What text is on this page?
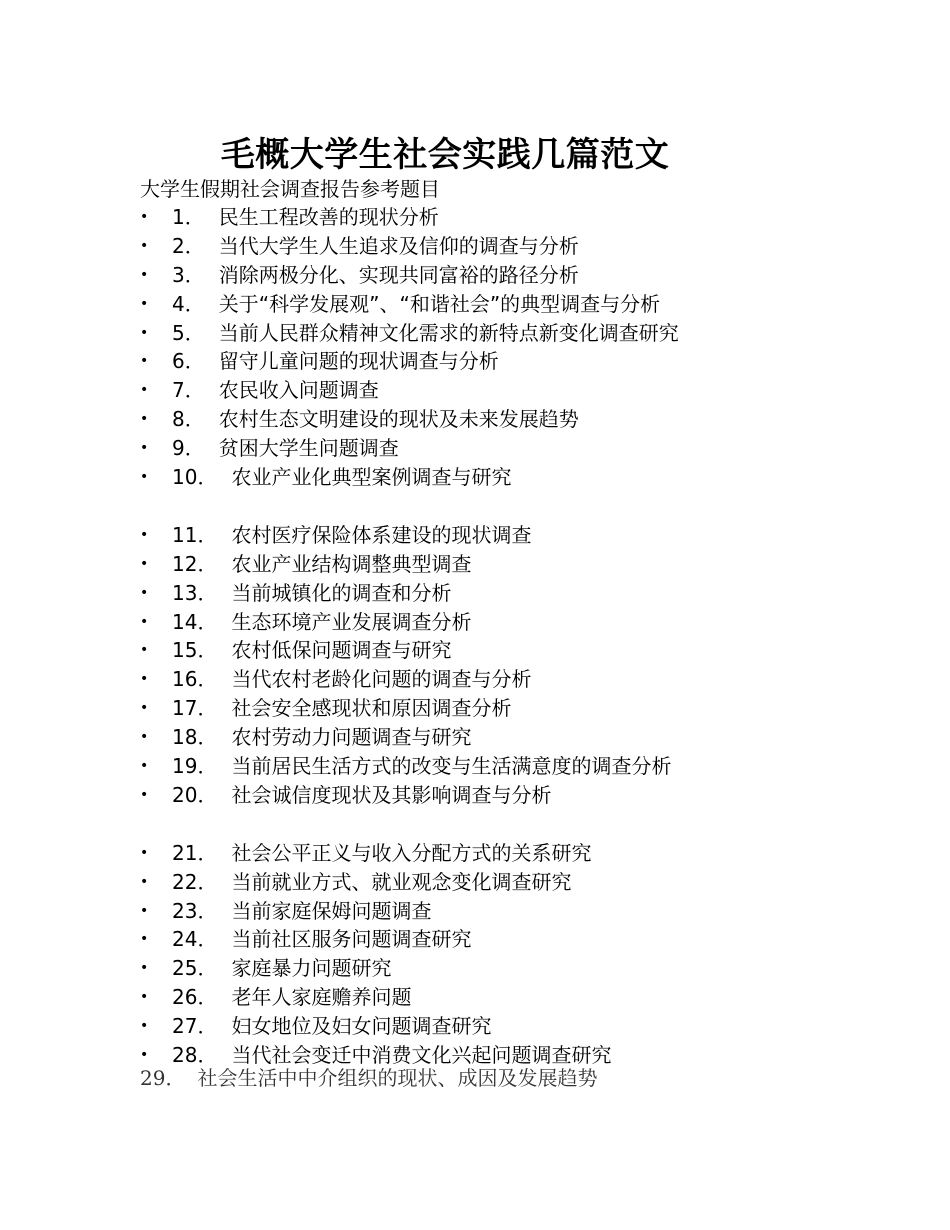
毛概大学生社会实践几篇范文

大学生假期社会调查报告参考题目

•	1． 民生工程改善的现状分析
•	2． 当代大学生人生追求及信仰的调查与分析
•	3． 消除两极分化、实现共同富裕的路径分析
•	4． 关于“科学发展观”、“和谐社会”的典型调查与分析
•	5． 当前人民群众精神文化需求的新特点新变化调查研究
•	6． 留守儿童问题的现状调查与分析
•	7． 农民收入问题调查
•	8． 农村生态文明建设的现状及未来发展趋势
•	9． 贫困大学生问题调查
•	10． 农业产业化典型案例调查与研究
•	11． 农村医疗保险体系建设的现状调查
•	12． 农业产业结构调整典型调查
•	13． 当前城镇化的调查和分析
•	14． 生态环境产业发展调查分析
•	15． 农村低保问题调查与研究
•	16． 当代农村老龄化问题的调查与分析
•	17． 社会安全感现状和原因调查分析
•	18． 农村劳动力问题调查与研究
•	19． 当前居民生活方式的改变与生活满意度的调查分析
•	20． 社会诚信度现状及其影响调查与分析
•	21． 社会公平正义与收入分配方式的关系研究
•	22． 当前就业方式、就业观念变化调查研究
•	23． 当前家庭保姆问题调查
•	24． 当前社区服务问题调查研究
•	25． 家庭暴力问题研究
•	26． 老年人家庭赡养问题
•	27． 妇女地位及妇女问题调查研究
•	28． 当代社会变迁中消费文化兴起问题调查研究
29． 社会生活中中介组织的现状、成因及发展趋势
